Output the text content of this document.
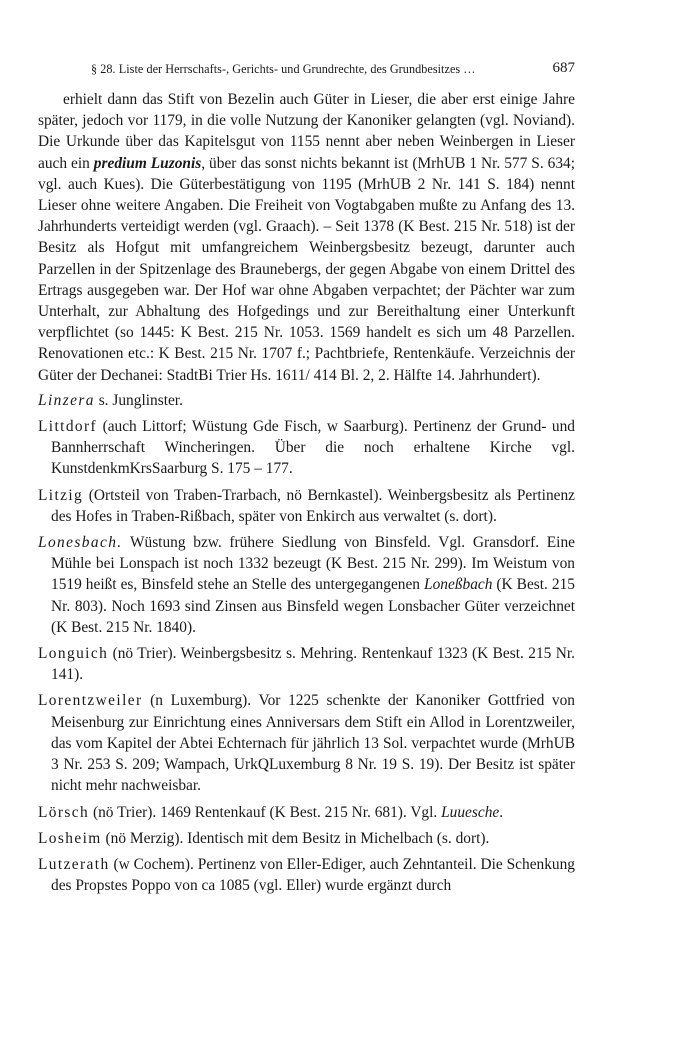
§ 28. Liste der Herrschafts-, Gerichts- und Grundrechte, des Grundbesitzes …	687

erhielt dann das Stift von Bezelin auch Güter in Lieser, die aber erst einige Jahre später, jedoch vor 1179, in die volle Nutzung der Kanoniker gelangten (vgl. Noviand). Die Urkunde über das Kapitelsgut von 1155 nennt aber neben Weinbergen in Lieser auch ein predium Luzonis, über das sonst nichts bekannt ist (MrhUB 1 Nr. 577 S. 634; vgl. auch Kues). Die Güterbestätigung von 1195 (MrhUB 2 Nr. 141 S. 184) nennt Lieser ohne weitere Angaben. Die Freiheit von Vogtabgaben mußte zu Anfang des 13. Jahrhunderts verteidigt werden (vgl. Graach). – Seit 1378 (K Best. 215 Nr. 518) ist der Besitz als Hofgut mit umfangreichem Weinbergsbesitz bezeugt, darunter auch Parzellen in der Spitzenlage des Braunebergs, der gegen Abgabe von einem Drittel des Ertrags ausgegeben war. Der Hof war ohne Abgaben verpachtet; der Pächter war zum Unterhalt, zur Abhaltung des Hofgedings und zur Bereithaltung einer Unterkunft verpflichtet (so 1445: K Best. 215 Nr. 1053. 1569 handelt es sich um 48 Parzellen. Renovationen etc.: K Best. 215 Nr. 1707 f.; Pachtbriefe, Rentenkäufe. Verzeichnis der Güter der Dechanei: StadtBi Trier Hs. 1611/ 414 Bl. 2, 2. Hälfte 14. Jahrhundert).

Linzera s. Junglinster.

Littdorf (auch Littorf; Wüstung Gde Fisch, w Saarburg). Pertinenz der Grund- und Bannherrschaft Wincheringen. Über die noch erhaltene Kirche vgl. KunstdenkmKrsSaarburg S. 175 – 177.

Litzig (Ortsteil von Traben-Trarbach, nö Bernkastel). Weinbergsbesitz als Pertinenz des Hofes in Traben-Rißbach, später von Enkirch aus verwaltet (s. dort).

Lonesbach. Wüstung bzw. frühere Siedlung von Binsfeld. Vgl. Gransdorf. Eine Mühle bei Lonspach ist noch 1332 bezeugt (K Best. 215 Nr. 299). Im Weistum von 1519 heißt es, Binsfeld stehe an Stelle des untergegangenen Loneßbach (K Best. 215 Nr. 803). Noch 1693 sind Zinsen aus Binsfeld wegen Lonsbacher Güter verzeichnet (K Best. 215 Nr. 1840).

Longuich (nö Trier). Weinbergsbesitz s. Mehring. Rentenkauf 1323 (K Best. 215 Nr. 141).

Lorentzweiler (n Luxemburg). Vor 1225 schenkte der Kanoniker Gottfried von Meisenburg zur Einrichtung eines Anniversars dem Stift ein Allod in Lorentzweiler, das vom Kapitel der Abtei Echternach für jährlich 13 Sol. verpachtet wurde (MrhUB 3 Nr. 253 S. 209; Wampach, UrkQLuxemburg 8 Nr. 19 S. 19). Der Besitz ist später nicht mehr nachweisbar.

Lörsch (nö Trier). 1469 Rentenkauf (K Best. 215 Nr. 681). Vgl. Luuesche.

Losheim (nö Merzig). Identisch mit dem Besitz in Michelbach (s. dort).

Lutzerath (w Cochem). Pertinenz von Eller-Ediger, auch Zehntanteil. Die Schenkung des Propstes Poppo von ca 1085 (vgl. Eller) wurde ergänzt durch
